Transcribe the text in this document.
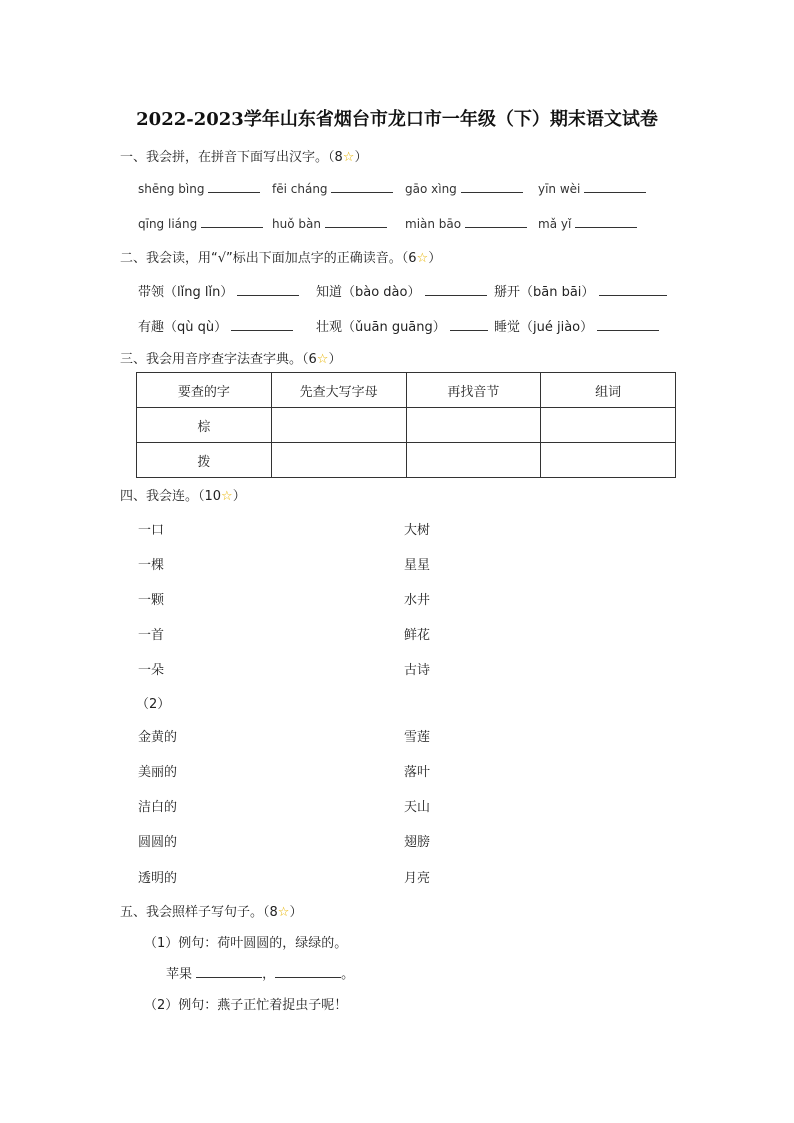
2022-2023学年山东省烟台市龙口市一年级（下）期末语文试卷
一、我会拼，在拼音下面写出汉字。（8☆）
shēng bìng	fēi cháng	gāo xìng	yīn wèi
qīng liáng	huǒ bàn	miàn bāo	mǎ yǐ
二、我会读，用“√”标出下面加点字的正确读音。（6☆）
带领（lǐng lǐn）	知道（bào dào）	掰开（bān bāi）
有趣（qù qù）	壮观（ǔuān guāng）	睡觉（jué jiào）
三、我会用音序查字法查字典。（6☆）
要查的字	先查大写字母	再找音节	组词
棕			
拨			
四、我会连。（10☆）
一口	大树
一棵	星星
一颗	水井
一首	鲜花
一朵	古诗
（2）
金黄的	雪莲
美丽的	落叶
洁白的	天山
圆圆的	翅膀
透明的	月亮
五、我会照样子写句子。（8☆）
（1）例句：荷叶圆圆的，绿绿的。
苹果	，	。
（2）例句：燕子正忙着捉虫子呢！
